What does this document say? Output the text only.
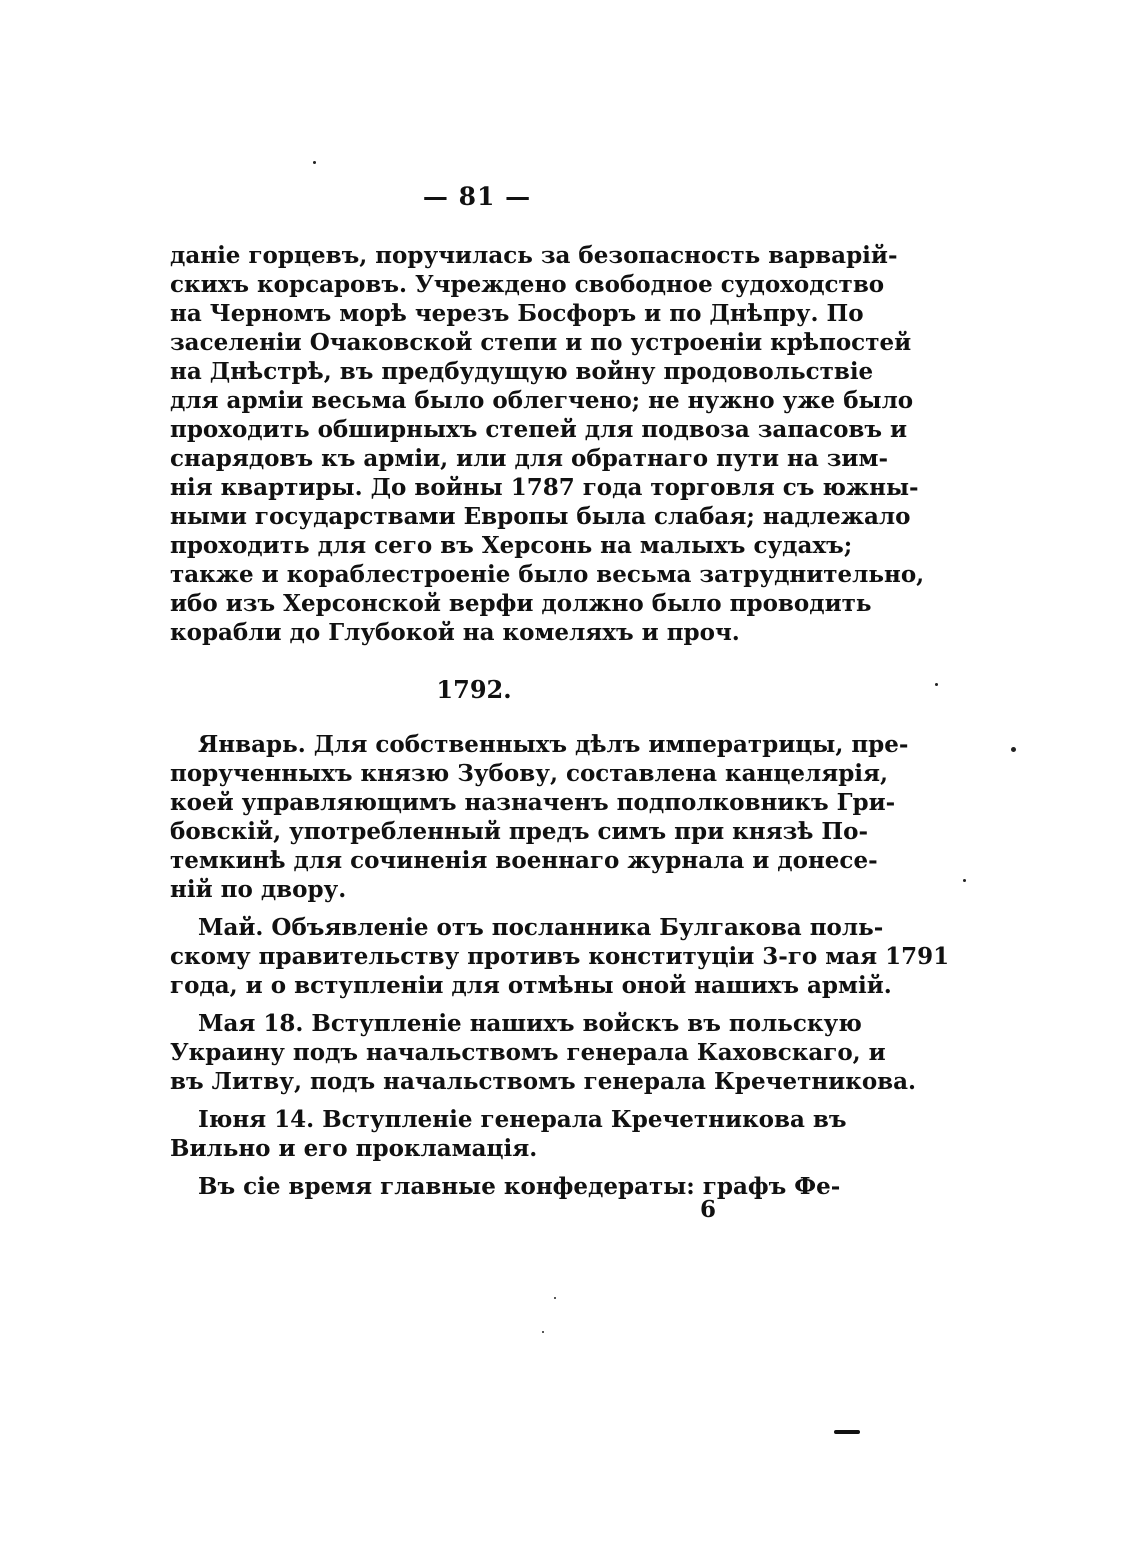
— 81 —
даніе горцевъ, поручилась за безопасность варварій-
скихъ корсаровъ. Учреждено свободное судоходство
на Черномъ морѣ черезъ Босфоръ и по Днѣпру. По
заселеніи Очаковской степи и по устроеніи крѣпостей
на Днѣстрѣ, въ предбудущую войну продовольствіе
для арміи весьма было облегчено; не нужно уже было
проходить обширныхъ степей для подвоза запасовъ и
снарядовъ къ арміи, или для обратнаго пути на зим-
нія квартиры. До войны 1787 года торговля съ южны-
ными государствами Европы была слабая; надлежало
проходить для сего въ Херсонь на малыхъ судахъ;
также и кораблестроеніе было весьма затруднительно,
ибо изъ Херсонской верфи должно было проводить
корабли до Глубокой на комеляхъ и проч.
1792.
Январь. Для собственныхъ дѣлъ императрицы, пре-
порученныхъ князю Зубову, составлена канцелярія,
коей управляющимъ назначенъ подполковникъ Гри-
бовскій, употребленный предъ симъ при князѣ По-
темкинѣ для сочиненія военнаго журнала и донесе-
ній по двору.
Май. Объявленіе отъ посланника Булгакова поль-
скому правительству противъ конституціи 3-го мая 1791
года, и о вступленіи для отмѣны оной нашихъ армій.
Мая 18. Вступленіе нашихъ войскъ въ польскую
Украину подъ начальствомъ генерала Каховскаго, и
въ Литву, подъ начальствомъ генерала Кречетникова.
Іюня 14. Вступленіе генерала Кречетникова въ
Вильно и его прокламація.
Въ сіе время главные конфедераты: графъ Фе-
6
